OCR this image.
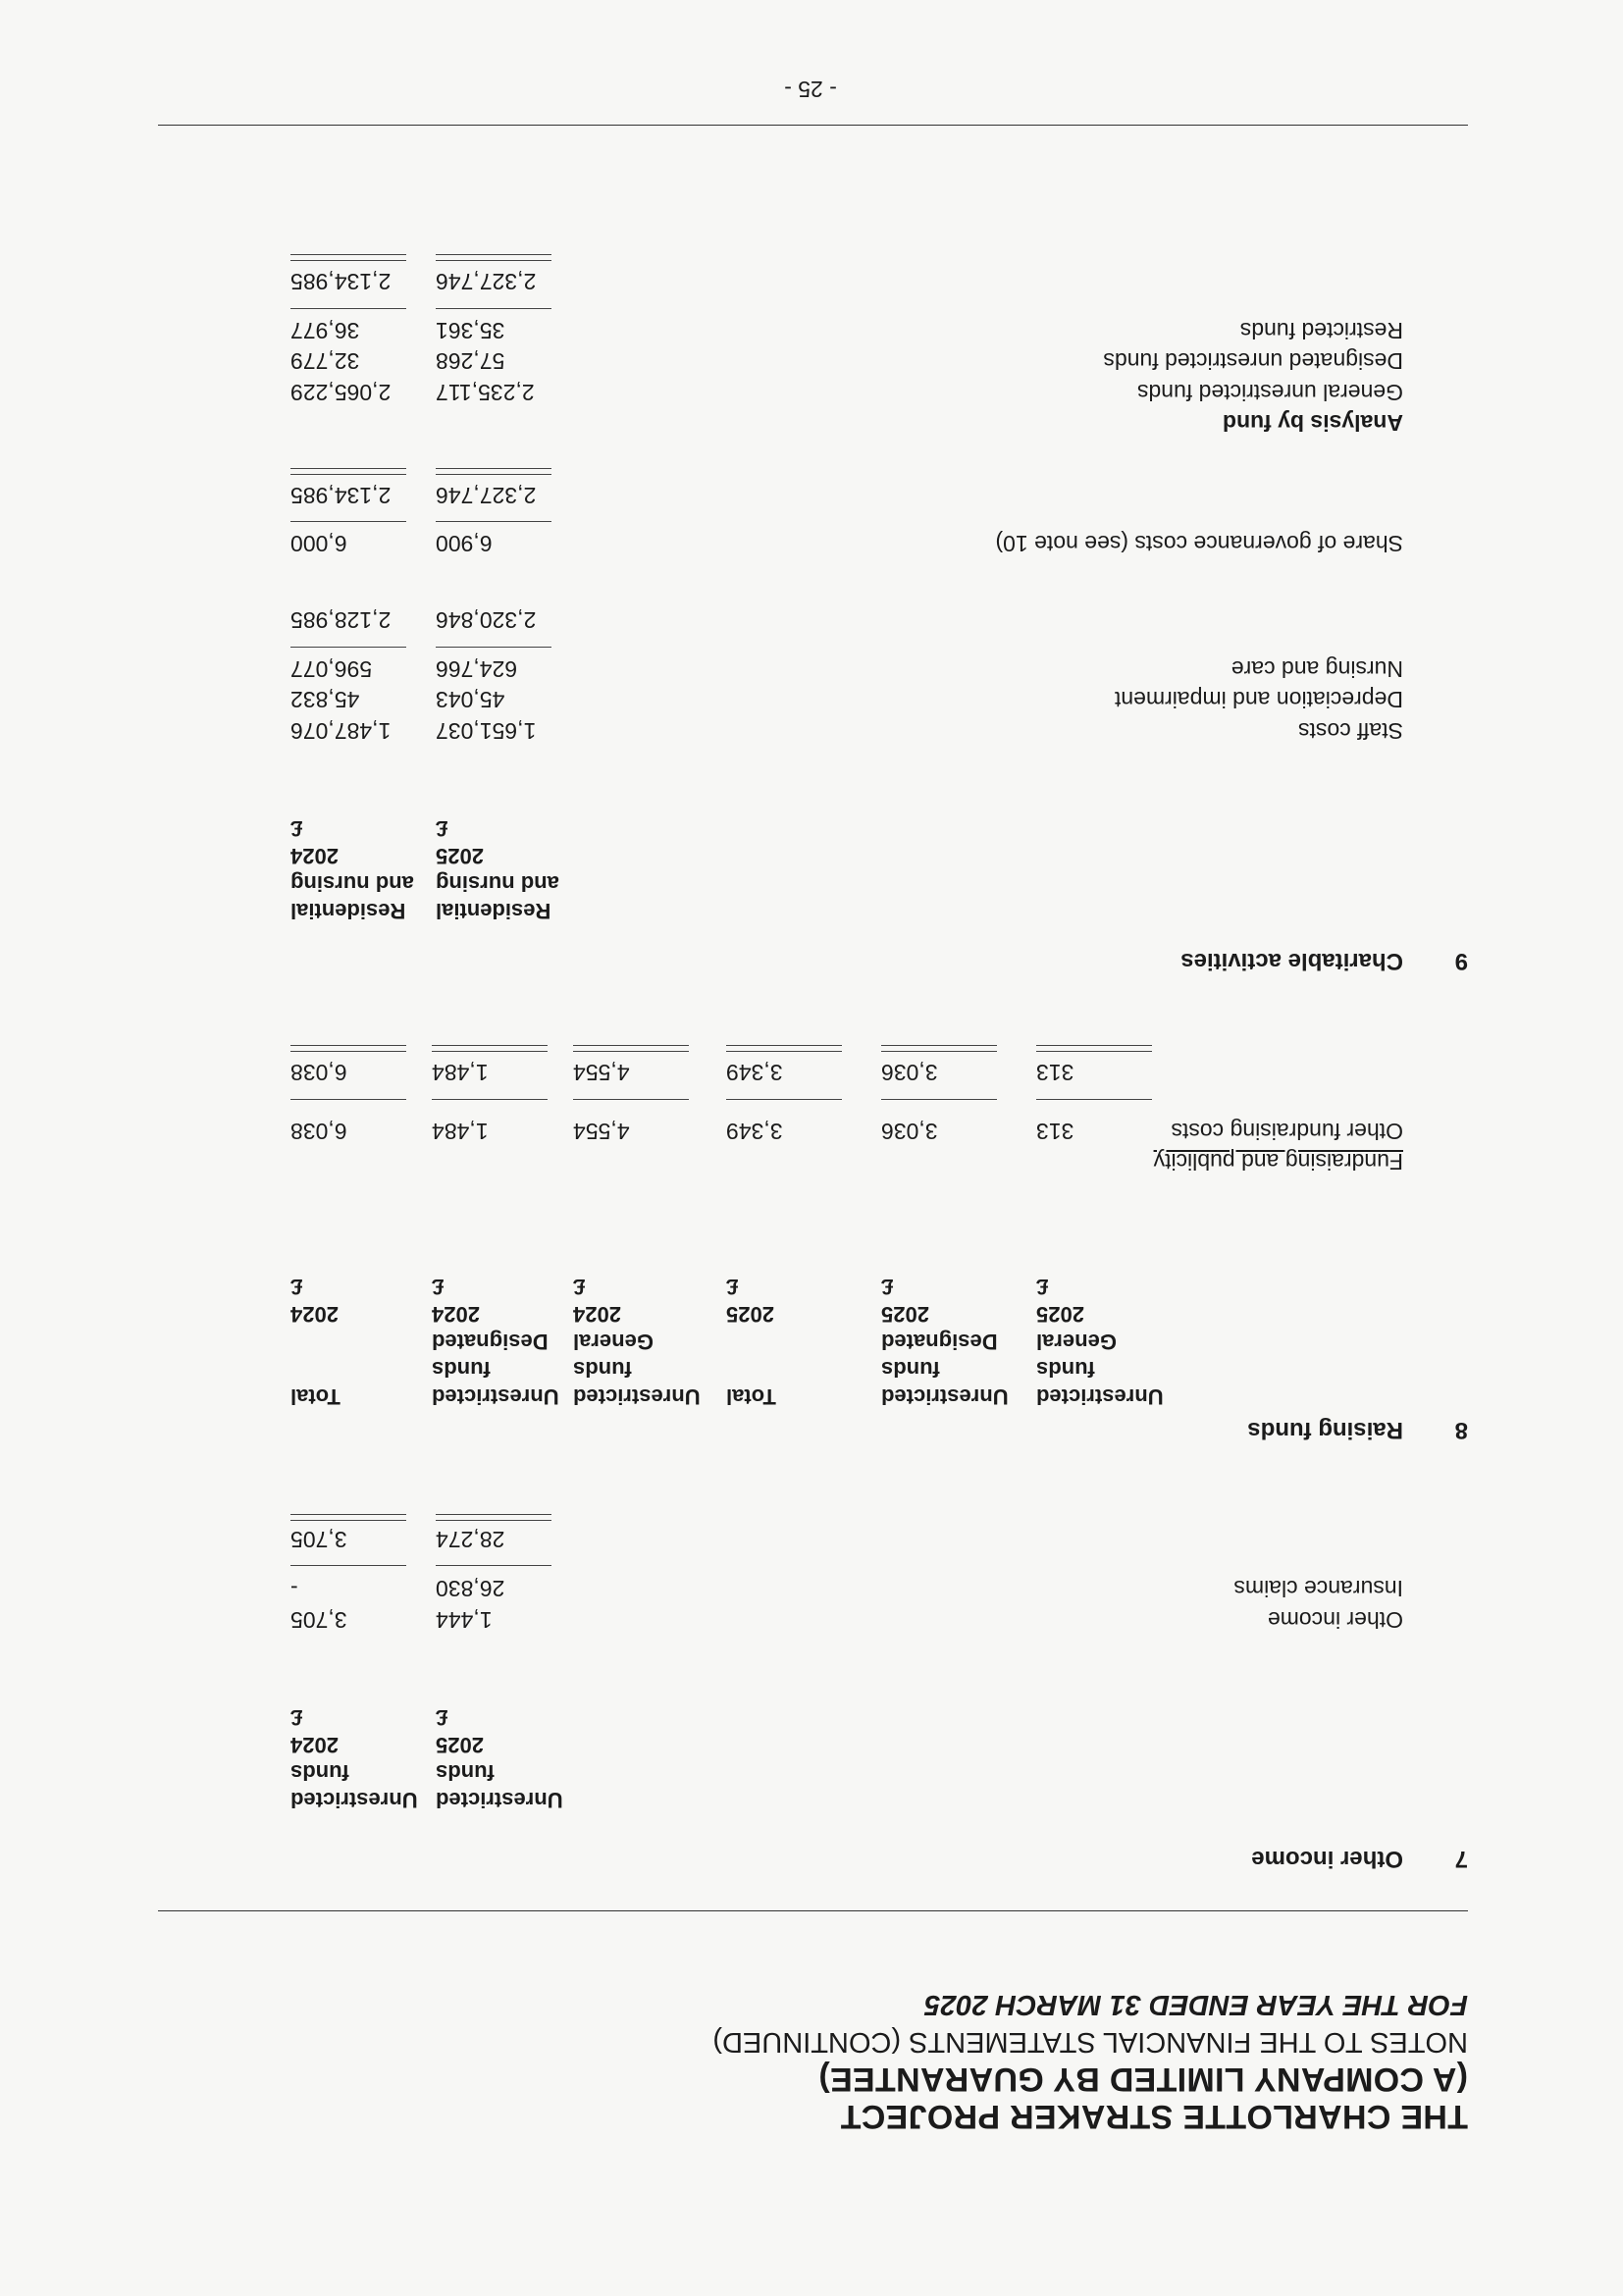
THE CHARLOTTE STRAKER PROJECT
(A COMPANY LIMITED BY GUARANTEE)
NOTES TO THE FINANCIAL STATEMENTS (CONTINUED)
FOR THE YEAR ENDED 31 MARCH 2025
7
Other income
Unrestricted
funds
2025
£
Unrestricted
funds
2024
£
Other income
1,444
3,705
Insurance claims
26,830
-
28,274
3,705
8
Raising funds
Unrestricted
funds
General
2025
£
Unrestricted
funds
Designated
2025
£
Total
2025
£
Unrestricted
funds
General
2024
£
Unrestricted
funds
Designated
2024
£
Total
2024
£
Fundraising and publicity
Other fundraising costs
313
3,036
3,349
4,554
1,484
6,038
313
3,036
3,349
4,554
1,484
6,038
9
Charitable activities
Residential
and nursing
2025
£
Residential
and nursing
2024
£
Staff costs
1,651,037
1,487,076
Depreciation and impairment
45,043
45,832
Nursing and care
624,766
596,077
2,320,846
2,128,985
Share of governance costs (see note 10)
6,900
6,000
2,327,746
2,134,985
Analysis by fund
General unrestricted funds
2,235,117
2,065,229
Designated unrestricted funds
57,268
32,779
Restricted funds
35,361
36,977
2,327,746
2,134,985
- 25 -
